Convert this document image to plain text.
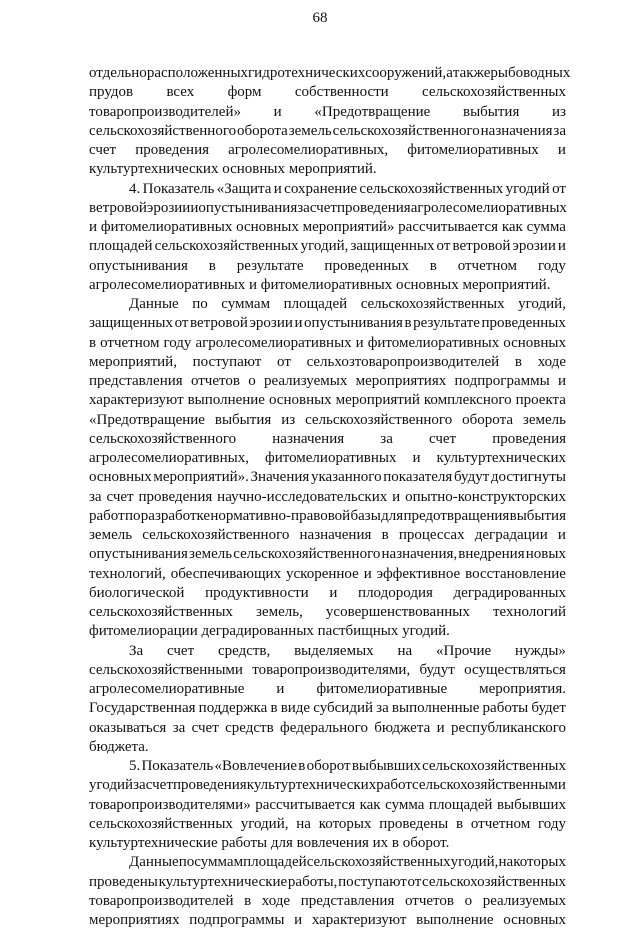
68
отдельно расположенных гидротехнических сооружений, а также рыбоводных
прудов всех форм собственности сельскохозяйственных
товаропроизводителей» и «Предотвращение выбытия из
сельскохозяйственного оборота земель сельскохозяйственного назначения за
счет проведения агролесомелиоративных, фитомелиоративных и
культуртехнических основных мероприятий.
4. Показатель «Защита и сохранение сельскохозяйственных угодий от
ветровой эрозии и опустынивания за счет проведения агролесомелиоративных
и фитомелиоративных основных мероприятий» рассчитывается как сумма
площадей сельскохозяйственных угодий, защищенных от ветровой эрозии и
опустынивания в результате проведенных в отчетном году
агролесомелиоративных и фитомелиоративных основных мероприятий.
Данные по суммам площадей сельскохозяйственных угодий,
защищенных от ветровой эрозии и опустынивания в результате проведенных
в отчетном году агролесомелиоративных и фитомелиоративных основных
мероприятий, поступают от сельхозтоваропроизводителей в ходе
представления отчетов о реализуемых мероприятиях подпрограммы и
характеризуют выполнение основных мероприятий комплексного проекта
«Предотвращение выбытия из сельскохозяйственного оборота земель
сельскохозяйственного назначения за счет проведения
агролесомелиоративных, фитомелиоративных и культуртехнических
основных мероприятий». Значения указанного показателя будут достигнуты
за счет проведения научно-исследовательских и опытно-конструкторских
работ по разработке нормативно-правовой базы для предотвращения выбытия
земель сельскохозяйственного назначения в процессах деградации и
опустынивания земель сельскохозяйственного назначения, внедрения новых
технологий, обеспечивающих ускоренное и эффективное восстановление
биологической продуктивности и плодородия деградированных
сельскохозяйственных земель, усовершенствованных технологий
фитомелиорации деградированных пастбищных угодий.
За счет средств, выделяемых на «Прочие нужды»
сельскохозяйственными товаропроизводителями, будут осуществляться
агролесомелиоративные и фитомелиоративные мероприятия.
Государственная поддержка в виде субсидий за выполненные работы будет
оказываться за счет средств федерального бюджета и республиканского
бюджета.
5. Показатель «Вовлечение в оборот выбывших сельскохозяйственных
угодий за счет проведения культуртехнических работ сельскохозяйственными
товаропроизводителями» рассчитывается как сумма площадей выбывших
сельскохозяйственных угодий, на которых проведены в отчетном году
культуртехнические работы для вовлечения их в оборот.
Данные по суммам площадей сельскохозяйственных угодий, на которых
проведены культуртехнические работы, поступают от сельскохозяйственных
товаропроизводителей в ходе представления отчетов о реализуемых
мероприятиях подпрограммы и характеризуют выполнение основных
